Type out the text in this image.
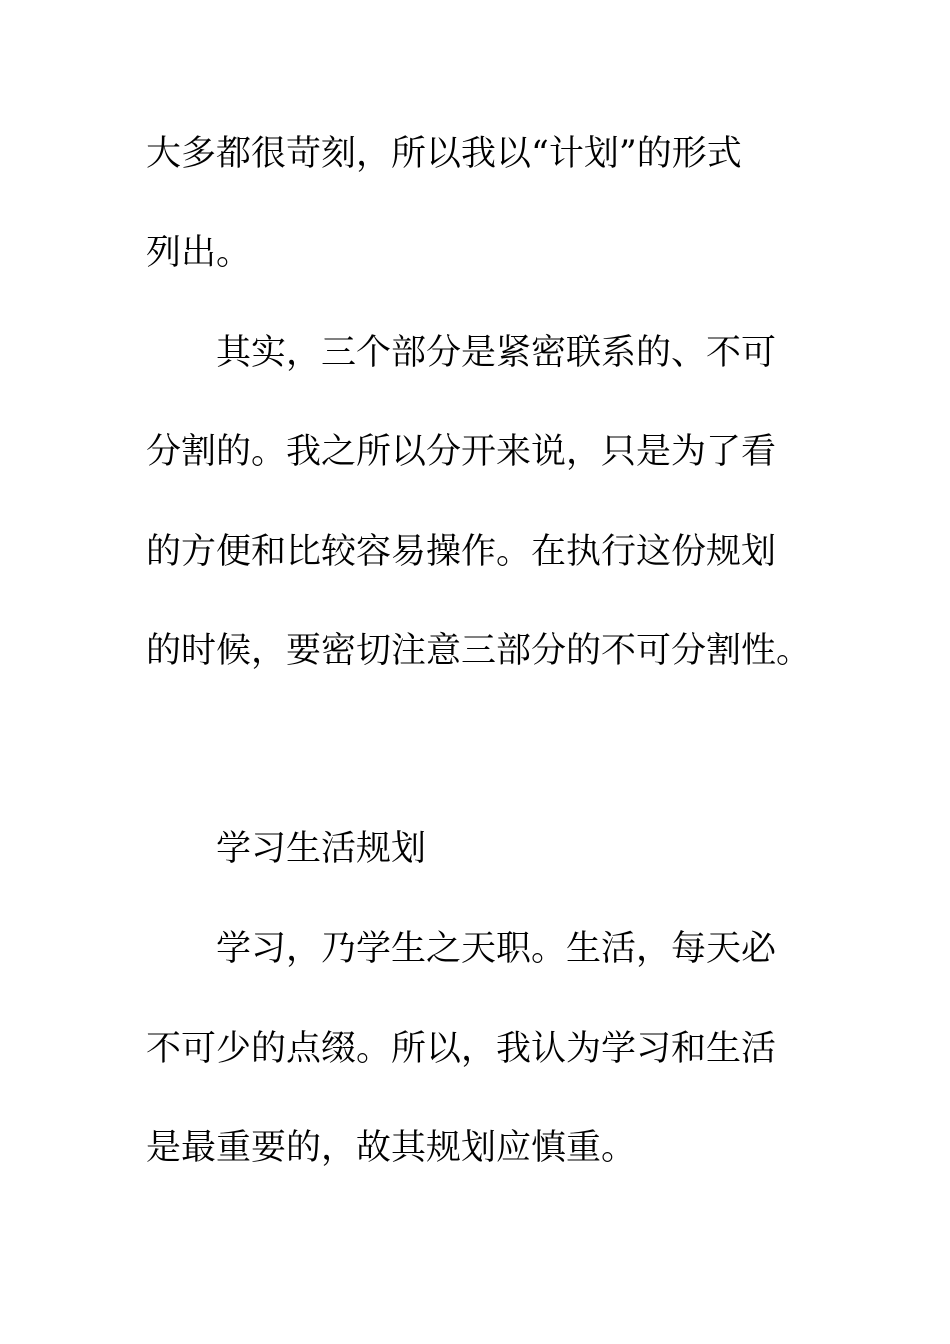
大多都很苛刻，所以我以“计划”的形式
列出。
其实，三个部分是紧密联系的、不可
分割的。我之所以分开来说，只是为了看
的方便和比较容易操作。在执行这份规划
的时候，要密切注意三部分的不可分割性。
学习生活规划
学习，乃学生之天职。生活，每天必
不可少的点缀。所以，我认为学习和生活
是最重要的，故其规划应慎重。
